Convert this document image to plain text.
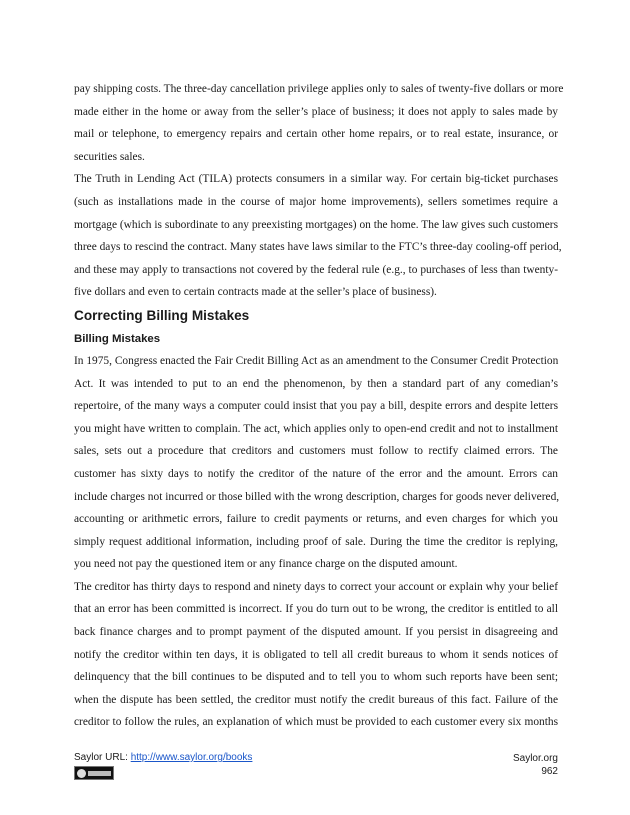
pay shipping costs. The three-day cancellation privilege applies only to sales of twenty-five dollars or more
made either in the home or away from the seller’s place of business; it does not apply to sales made by
mail or telephone, to emergency repairs and certain other home repairs, or to real estate, insurance, or
securities sales.
The Truth in Lending Act (TILA) protects consumers in a similar way. For certain big-ticket purchases
(such as installations made in the course of major home improvements), sellers sometimes require a
mortgage (which is subordinate to any preexisting mortgages) on the home. The law gives such customers
three days to rescind the contract. Many states have laws similar to the FTC’s three-day cooling-off period,
and these may apply to transactions not covered by the federal rule (e.g., to purchases of less than twenty-
five dollars and even to certain contracts made at the seller’s place of business).
Correcting Billing Mistakes
Billing Mistakes
In 1975, Congress enacted the Fair Credit Billing Act as an amendment to the Consumer Credit Protection
Act. It was intended to put to an end the phenomenon, by then a standard part of any comedian’s
repertoire, of the many ways a computer could insist that you pay a bill, despite errors and despite letters
you might have written to complain. The act, which applies only to open-end credit and not to installment
sales, sets out a procedure that creditors and customers must follow to rectify claimed errors. The
customer has sixty days to notify the creditor of the nature of the error and the amount. Errors can
include charges not incurred or those billed with the wrong description, charges for goods never delivered,
accounting or arithmetic errors, failure to credit payments or returns, and even charges for which you
simply request additional information, including proof of sale. During the time the creditor is replying,
you need not pay the questioned item or any finance charge on the disputed amount.
The creditor has thirty days to respond and ninety days to correct your account or explain why your belief
that an error has been committed is incorrect. If you do turn out to be wrong, the creditor is entitled to all
back finance charges and to prompt payment of the disputed amount. If you persist in disagreeing and
notify the creditor within ten days, it is obligated to tell all credit bureaus to whom it sends notices of
delinquency that the bill continues to be disputed and to tell you to whom such reports have been sent;
when the dispute has been settled, the creditor must notify the credit bureaus of this fact. Failure of the
creditor to follow the rules, an explanation of which must be provided to each customer every six months
Saylor URL: http://www.saylor.org/books	Saylor.org
962
